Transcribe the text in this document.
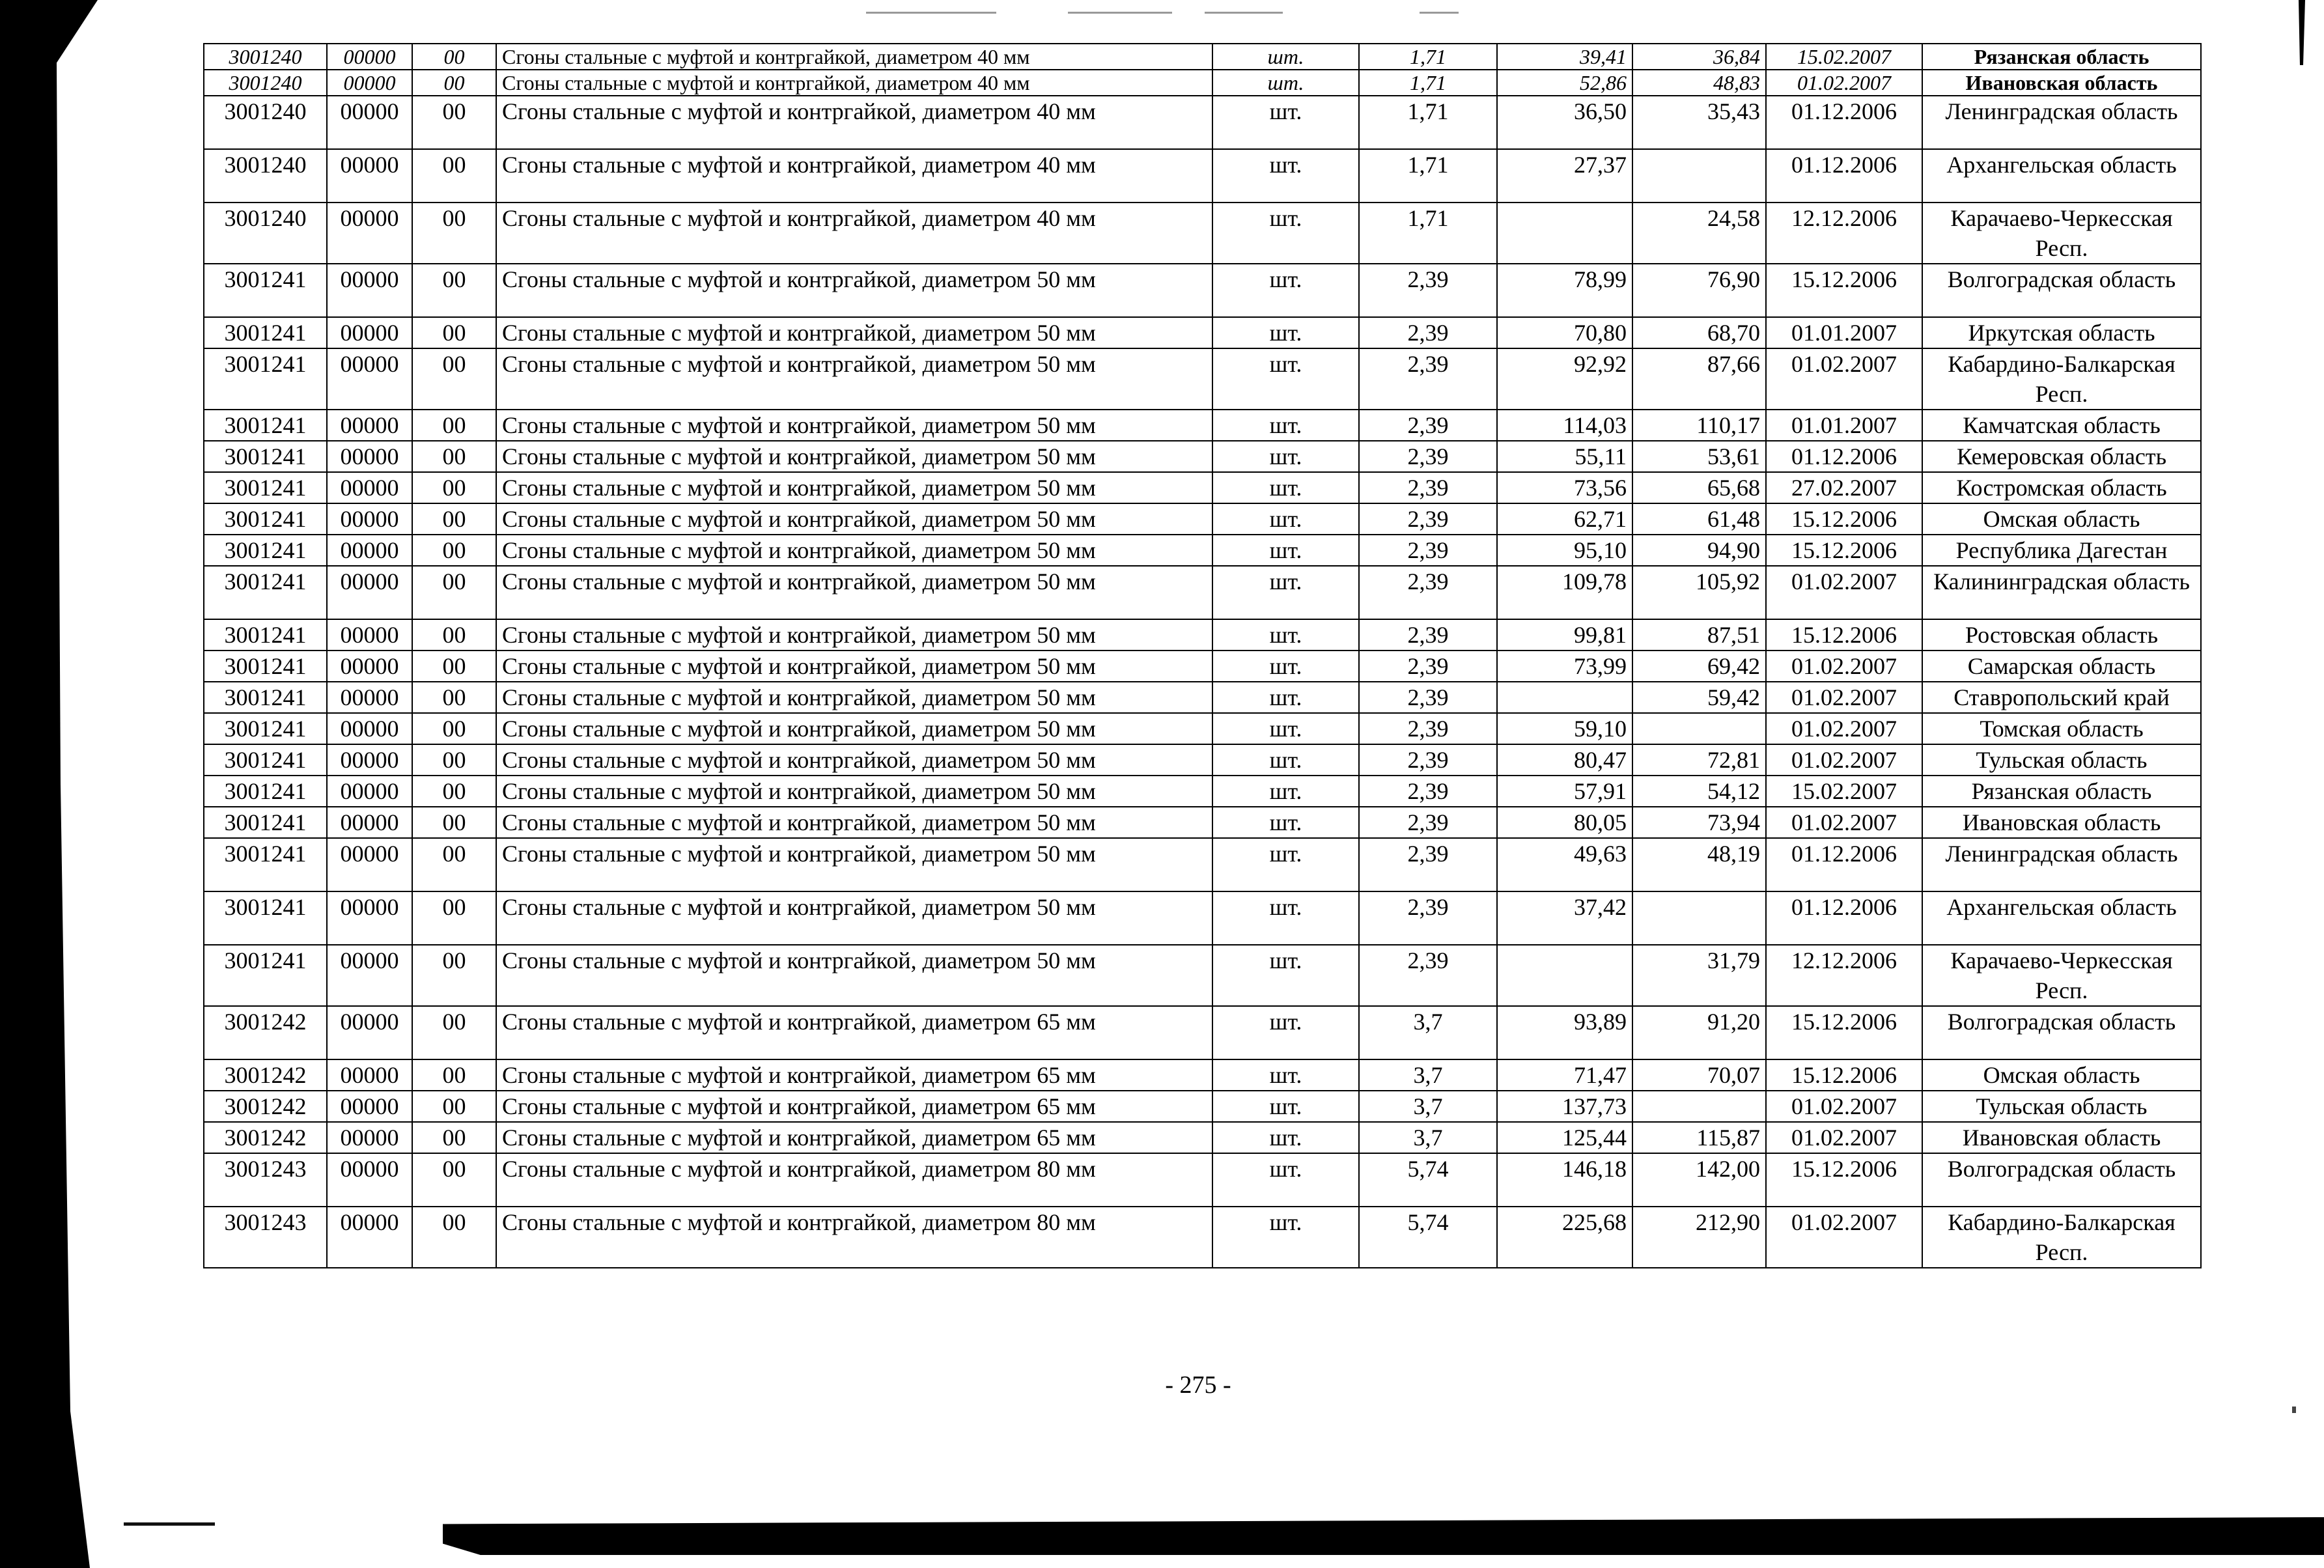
3001240	00000	00	Сгоны стальные с муфтой и контргайкой, диаметром 40 мм	шт.	1,71	39,41	36,84	15.02.2007	Рязанская область
3001240	00000	00	Сгоны стальные с муфтой и контргайкой, диаметром 40 мм	шт.	1,71	52,86	48,83	01.02.2007	Ивановская область
3001240	00000	00	Сгоны стальные с муфтой и контргайкой, диаметром 40 мм	шт.	1,71	36,50	35,43	01.12.2006	Ленинградская область
3001240	00000	00	Сгоны стальные с муфтой и контргайкой, диаметром 40 мм	шт.	1,71	27,37		01.12.2006	Архангельская область
3001240	00000	00	Сгоны стальные с муфтой и контргайкой, диаметром 40 мм	шт.	1,71		24,58	12.12.2006	Карачаево-Черкесская Респ.
3001241	00000	00	Сгоны стальные с муфтой и контргайкой, диаметром 50 мм	шт.	2,39	78,99	76,90	15.12.2006	Волгоградская область
3001241	00000	00	Сгоны стальные с муфтой и контргайкой, диаметром 50 мм	шт.	2,39	70,80	68,70	01.01.2007	Иркутская область
3001241	00000	00	Сгоны стальные с муфтой и контргайкой, диаметром 50 мм	шт.	2,39	92,92	87,66	01.02.2007	Кабардино-Балкарская Респ.
3001241	00000	00	Сгоны стальные с муфтой и контргайкой, диаметром 50 мм	шт.	2,39	114,03	110,17	01.01.2007	Камчатская область
3001241	00000	00	Сгоны стальные с муфтой и контргайкой, диаметром 50 мм	шт.	2,39	55,11	53,61	01.12.2006	Кемеровская область
3001241	00000	00	Сгоны стальные с муфтой и контргайкой, диаметром 50 мм	шт.	2,39	73,56	65,68	27.02.2007	Костромская область
3001241	00000	00	Сгоны стальные с муфтой и контргайкой, диаметром 50 мм	шт.	2,39	62,71	61,48	15.12.2006	Омская область
3001241	00000	00	Сгоны стальные с муфтой и контргайкой, диаметром 50 мм	шт.	2,39	95,10	94,90	15.12.2006	Республика Дагестан
3001241	00000	00	Сгоны стальные с муфтой и контргайкой, диаметром 50 мм	шт.	2,39	109,78	105,92	01.02.2007	Калининградская область
3001241	00000	00	Сгоны стальные с муфтой и контргайкой, диаметром 50 мм	шт.	2,39	99,81	87,51	15.12.2006	Ростовская область
3001241	00000	00	Сгоны стальные с муфтой и контргайкой, диаметром 50 мм	шт.	2,39	73,99	69,42	01.02.2007	Самарская область
3001241	00000	00	Сгоны стальные с муфтой и контргайкой, диаметром 50 мм	шт.	2,39		59,42	01.02.2007	Ставропольский край
3001241	00000	00	Сгоны стальные с муфтой и контргайкой, диаметром 50 мм	шт.	2,39	59,10		01.02.2007	Томская область
3001241	00000	00	Сгоны стальные с муфтой и контргайкой, диаметром 50 мм	шт.	2,39	80,47	72,81	01.02.2007	Тульская область
3001241	00000	00	Сгоны стальные с муфтой и контргайкой, диаметром 50 мм	шт.	2,39	57,91	54,12	15.02.2007	Рязанская область
3001241	00000	00	Сгоны стальные с муфтой и контргайкой, диаметром 50 мм	шт.	2,39	80,05	73,94	01.02.2007	Ивановская область
3001241	00000	00	Сгоны стальные с муфтой и контргайкой, диаметром 50 мм	шт.	2,39	49,63	48,19	01.12.2006	Ленинградская область
3001241	00000	00	Сгоны стальные с муфтой и контргайкой, диаметром 50 мм	шт.	2,39	37,42		01.12.2006	Архангельская область
3001241	00000	00	Сгоны стальные с муфтой и контргайкой, диаметром 50 мм	шт.	2,39		31,79	12.12.2006	Карачаево-Черкесская Респ.
3001242	00000	00	Сгоны стальные с муфтой и контргайкой, диаметром 65 мм	шт.	3,7	93,89	91,20	15.12.2006	Волгоградская область
3001242	00000	00	Сгоны стальные с муфтой и контргайкой, диаметром 65 мм	шт.	3,7	71,47	70,07	15.12.2006	Омская область
3001242	00000	00	Сгоны стальные с муфтой и контргайкой, диаметром 65 мм	шт.	3,7	137,73		01.02.2007	Тульская область
3001242	00000	00	Сгоны стальные с муфтой и контргайкой, диаметром 65 мм	шт.	3,7	125,44	115,87	01.02.2007	Ивановская область
3001243	00000	00	Сгоны стальные с муфтой и контргайкой, диаметром 80 мм	шт.	5,74	146,18	142,00	15.12.2006	Волгоградская область
3001243	00000	00	Сгоны стальные с муфтой и контргайкой, диаметром 80 мм	шт.	5,74	225,68	212,90	01.02.2007	Кабардино-Балкарская Респ.
- 275 -
